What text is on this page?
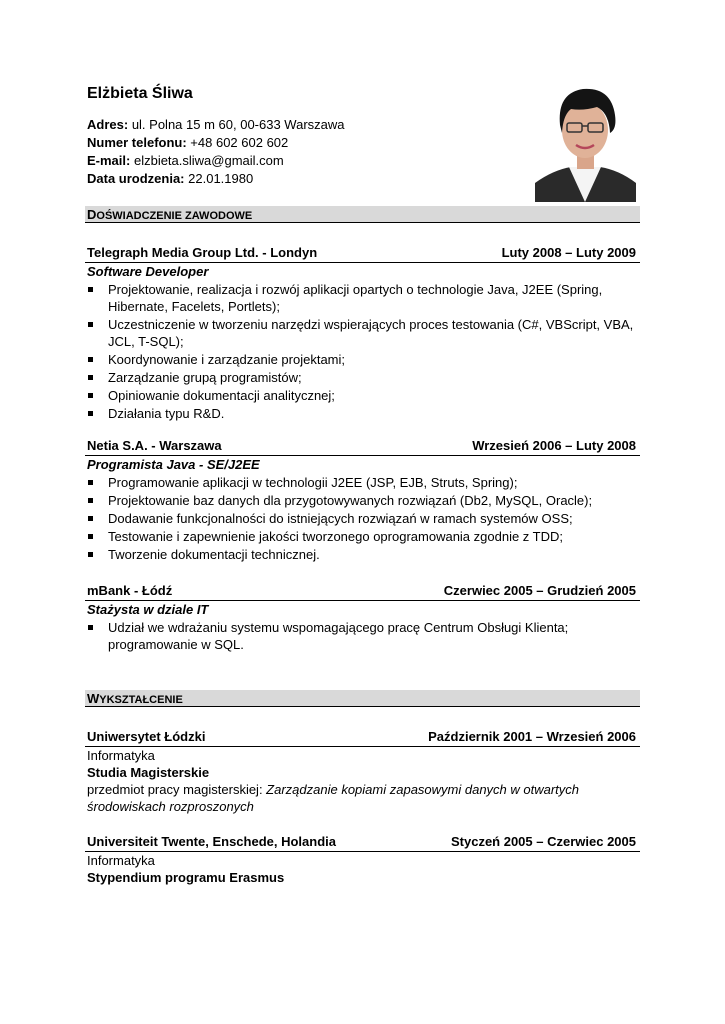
Elżbieta Śliwa
Adres: ul. Polna 15 m 60, 00-633 Warszawa
Numer telefonu: +48 602 602 602
E-mail: elzbieta.sliwa@gmail.com
Data urodzenia: 22.01.1980
DOŚWIADCZENIE ZAWODOWE
Telegraph Media Group Ltd. - Londyn	Luty 2008 – Luty 2009
Software Developer
Projektowanie, realizacja i rozwój aplikacji opartych o technologie Java, J2EE (Spring, Hibernate, Facelets, Portlets);
Uczestniczenie w tworzeniu narzędzi wspierających proces testowania (C#, VBScript, VBA, JCL, T-SQL);
Koordynowanie i zarządzanie projektami;
Zarządzanie grupą programistów;
Opiniowanie dokumentacji analitycznej;
Działania typu R&D.
Netia S.A. - Warszawa	Wrzesień 2006 – Luty 2008
Programista Java - SE/J2EE
Programowanie aplikacji w technologii J2EE (JSP, EJB, Struts, Spring);
Projektowanie baz danych dla przygotowywanych rozwiązań (Db2, MySQL, Oracle);
Dodawanie funkcjonalności do istniejących rozwiązań w ramach systemów OSS;
Testowanie i zapewnienie jakości tworzonego oprogramowania zgodnie z TDD;
Tworzenie dokumentacji technicznej.
mBank - Łódź	Czerwiec 2005 – Grudzień 2005
Stażysta w dziale IT
Udział we wdrażaniu systemu wspomagającego pracę Centrum Obsługi Klienta; programowanie w SQL.
WYKSZTAŁCENIE
Uniwersytet Łódzki	Październik 2001 – Wrzesień 2006
Informatyka
Studia Magisterskie
przedmiot pracy magisterskiej: Zarządzanie kopiami zapasowymi danych w otwartych środowiskach rozproszonych
Universiteit Twente, Enschede, Holandia	Styczeń 2005 – Czerwiec 2005
Informatyka
Stypendium programu Erasmus
